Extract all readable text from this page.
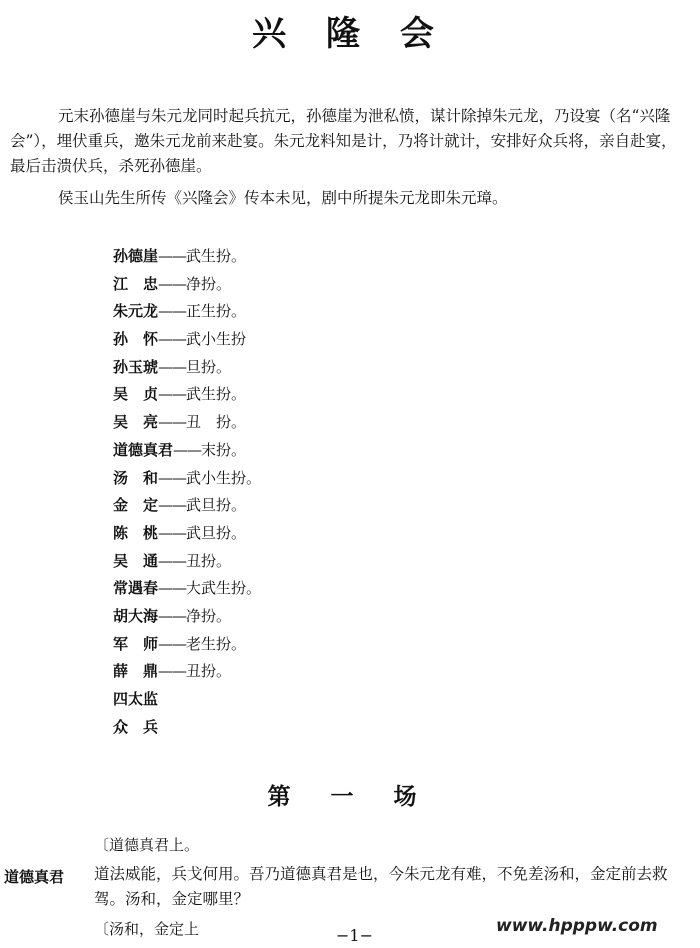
兴 隆 会

元末孙德崖与朱元龙同时起兵抗元，孙德崖为泄私愤，谋计除掉朱元龙，乃设宴（名“兴隆会”），埋伏重兵，邀朱元龙前来赴宴。朱元龙料知是计，乃将计就计，安排好众兵将，亲自赴宴，最后击溃伏兵，杀死孙德崖。

侯玉山先生所传《兴隆会》传本未见，剧中所提朱元龙即朱元璋。

孙德崖——武生扮。
江　忠——净扮。
朱元龙——正生扮。
孙　怀——武小生扮
孙玉琥——旦扮。
吴　贞——武生扮。
吴　亮——丑　扮。
道德真君——末扮。
汤　和——武小生扮。
金　定——武旦扮。
陈　桃——武旦扮。
吴　通——丑扮。
常遇春——大武生扮。
胡大海——净扮。
军　师——老生扮。
薛　鼎——丑扮。
四太监
众　兵
第 一 场
〔道德真君上。
道德真君 道法威能，兵戈何用。吾乃道德真君是也，今朱元龙有难，不免差汤和，金定前去救驾。汤和，金定哪里？

〔汤和，金定上	−1−	www.hpppw.com
